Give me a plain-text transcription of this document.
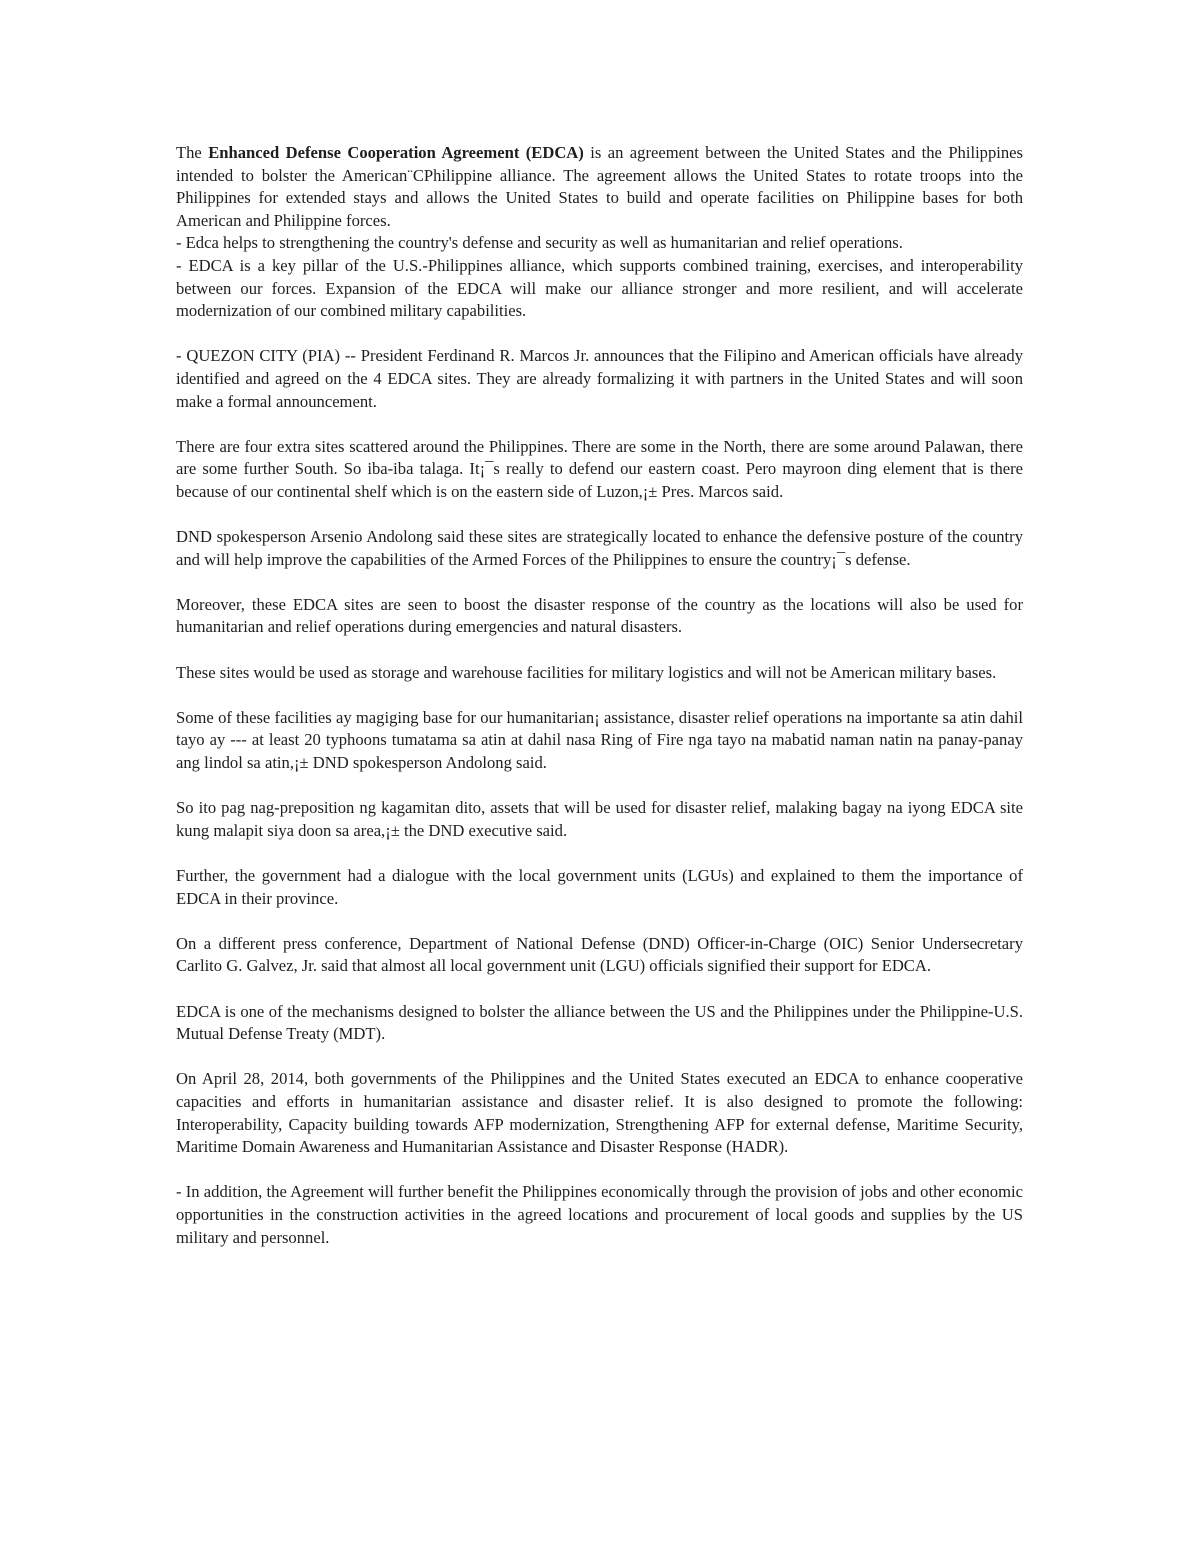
The Enhanced Defense Cooperation Agreement (EDCA) is an agreement between the United States and the Philippines intended to bolster the American¨CPhilippine alliance. The agreement allows the United States to rotate troops into the Philippines for extended stays and allows the United States to build and operate facilities on Philippine bases for both American and Philippine forces.

- Edca helps to strengthening the country's defense and security as well as humanitarian and relief operations.

- EDCA is a key pillar of the U.S.-Philippines alliance, which supports combined training, exercises, and interoperability between our forces. Expansion of the EDCA will make our alliance stronger and more resilient, and will accelerate modernization of our combined military capabilities.

- QUEZON CITY (PIA) -- President Ferdinand R. Marcos Jr. announces that the Filipino and American officials have already identified and agreed on the 4 EDCA sites. They are already formalizing it with partners in the United States and will soon make a formal announcement.

There are four extra sites scattered around the Philippines. There are some in the North, there are some around Palawan, there are some further South. So iba-iba talaga. It¡¯s really to defend our eastern coast. Pero mayroon ding element that is there because of our continental shelf which is on the eastern side of Luzon,¡± Pres. Marcos said.

DND spokesperson Arsenio Andolong said these sites are strategically located to enhance the defensive posture of the country and will help improve the capabilities of the Armed Forces of the Philippines to ensure the country¡¯s defense.

Moreover, these EDCA sites are seen to boost the disaster response of the country as the locations will also be used for humanitarian and relief operations during emergencies and natural disasters.

These sites would be used as storage and warehouse facilities for military logistics and will not be American military bases.

Some of these facilities ay magiging base for our humanitarian¡ assistance, disaster relief operations na importante sa atin dahil tayo ay --- at least 20 typhoons tumatama sa atin at dahil nasa Ring of Fire nga tayo na mabatid naman natin na panay-panay ang lindol sa atin,¡± DND spokesperson Andolong said.

So ito pag nag-preposition ng kagamitan dito, assets that will be used for disaster relief, malaking bagay na iyong EDCA site kung malapit siya doon sa area,¡± the DND executive said.

Further, the government had a dialogue with the local government units (LGUs) and explained to them the importance of EDCA in their province.

On a different press conference, Department of National Defense (DND) Officer-in-Charge (OIC) Senior Undersecretary Carlito G. Galvez, Jr. said that almost all local government unit (LGU) officials signified their support for EDCA.

EDCA is one of the mechanisms designed to bolster the alliance between the US and the Philippines under the Philippine-U.S. Mutual Defense Treaty (MDT).

On April 28, 2014, both governments of the Philippines and the United States executed an EDCA to enhance cooperative capacities and efforts in humanitarian assistance and disaster relief. It is also designed to promote the following: Interoperability, Capacity building towards AFP modernization, Strengthening AFP for external defense, Maritime Security, Maritime Domain Awareness and Humanitarian Assistance and Disaster Response (HADR).

- In addition, the Agreement will further benefit the Philippines economically through the provision of jobs and other economic opportunities in the construction activities in the agreed locations and procurement of local goods and supplies by the US military and personnel.
